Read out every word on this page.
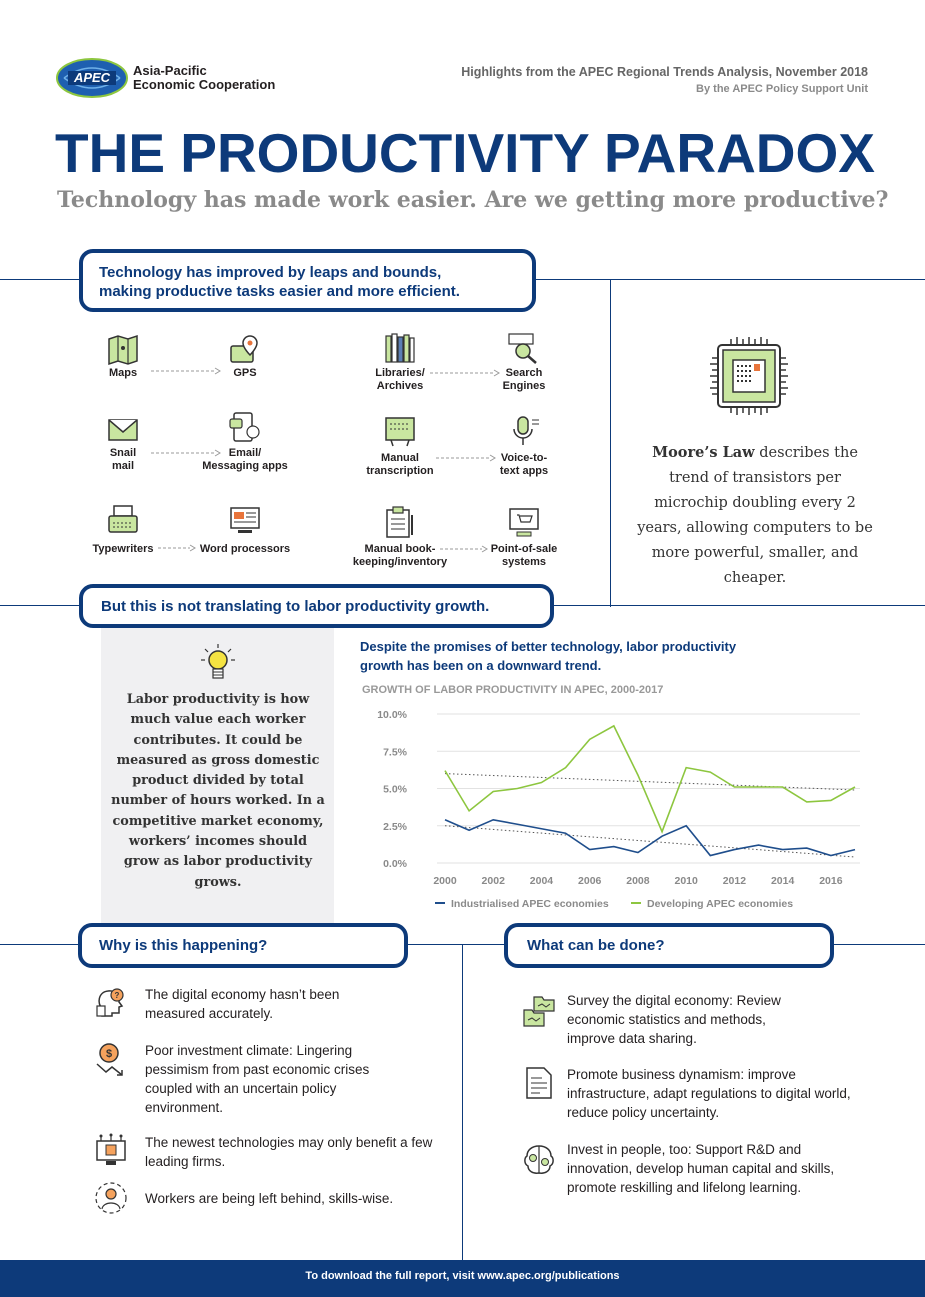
APEC	Asia-Pacific
Economic Cooperation
Highlights from the APEC Regional Trends Analysis, November 2018
By the APEC Policy Support Unit
THE PRODUCTIVITY PARADOX
Technology has made work easier. Are we getting more productive?
Technology has improved by leaps and bounds,
making productive tasks easier and more efficient.
Maps	GPS
Snail
mail
Email/
Messaging apps
Typewriters	Word processors
Libraries/
Archives
Search
Engines
Manual
transcription
Voice-to-
text apps
Manual book-
keeping/inventory
Point-of-sale
systems
Moore’s Law describes the trend of transistors per microchip doubling every 2 years, allowing computers to be more powerful, smaller, and cheaper.
But this is not translating to labor productivity growth.
Labor productivity is how much value each worker contributes. It could be measured as gross domestic product divided by total number of hours worked. In a competitive market economy, workers’ incomes should grow as labor productivity grows.
Despite the promises of better technology, labor productivity
growth has been on a downward trend.
GROWTH OF LABOR PRODUCTIVITY IN APEC, 2000-2017
0.0%
2.5%
5.0%
7.5%
10.0%
2000 2002 2004 2006 2008 2010 2012 2014 2016
Industrialised APEC economies	Developing APEC economies
Why is this happening?	What can be done?
? The digital economy hasn’t been measured accurately.
$ Poor investment climate: Lingering pessimism from past economic crises coupled with an uncertain policy environment.
The newest technologies may only benefit a few leading firms.
Workers are being left behind, skills-wise.
Survey the digital economy: Review economic statistics and methods, improve data sharing.
Promote business dynamism: improve infrastructure, adapt regulations to digital world, reduce policy uncertainty.
Invest in people, too: Support R&D and innovation, develop human capital and skills, promote reskilling and lifelong learning.
To download the full report, visit www.apec.org/publications
